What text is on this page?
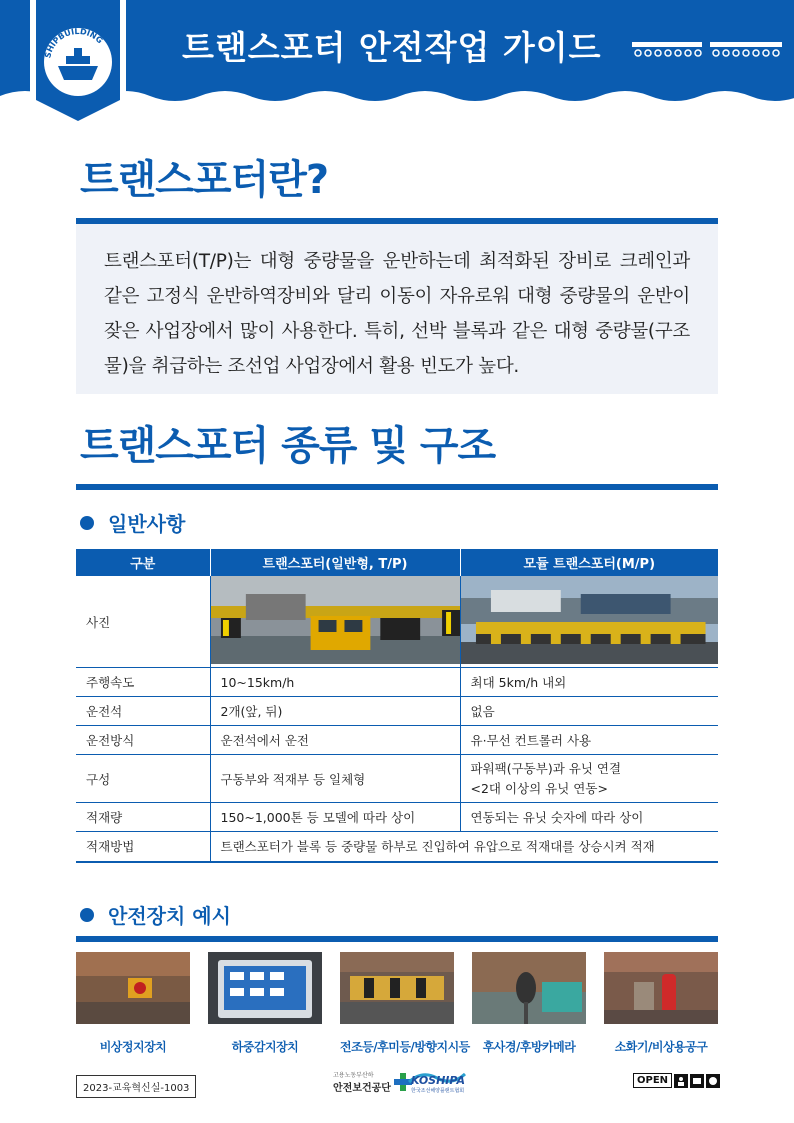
트랜스포터 안전작업 가이드
SHIPBUILDING
트랜스포터란?

트랜스포터(T/P)는 대형 중량물을 운반하는데 최적화된 장비로 크레인과 같은 고정식 운반하역장비와 달리 이동이 자유로워 대형 중량물의 운반이 잦은 사업장에서 많이 사용한다. 특히, 선박 블록과 같은 대형 중량물(구조물)을 취급하는 조선업 사업장에서 활용 빈도가 높다.

트랜스포터 종류 및 구조
일반사항
구분	트랜스포터(일반형, T/P)	모듈 트랜스포터(M/P)
사진		
주행속도	10~15km/h	최대 5km/h 내외
운전석	2개(앞, 뒤)	없음
운전방식	운전석에서 운전	유·무선 컨트롤러 사용
구성	구동부와 적재부 등 일체형	파워팩(구동부)과 유닛 연결
<2대 이상의 유닛 연동>

적재량	150~1,000톤 등 모델에 따라 상이	연동되는 유닛 숫자에 따라 상이
적재방법	트랜스포터가 블록 등 중량물 하부로 진입하여 유압으로 적재대를 상승시켜 적재	
안전장치 예시
비상정지장치	하중감지장치	전조등/후미등/방향지시등	후사경/후방카메라	소화기/비상용공구
2023-교육혁신실-1003
고용노동부산하
안전보건공단
KOSHIPA
한국조선해양플랜트협회
OPEN
